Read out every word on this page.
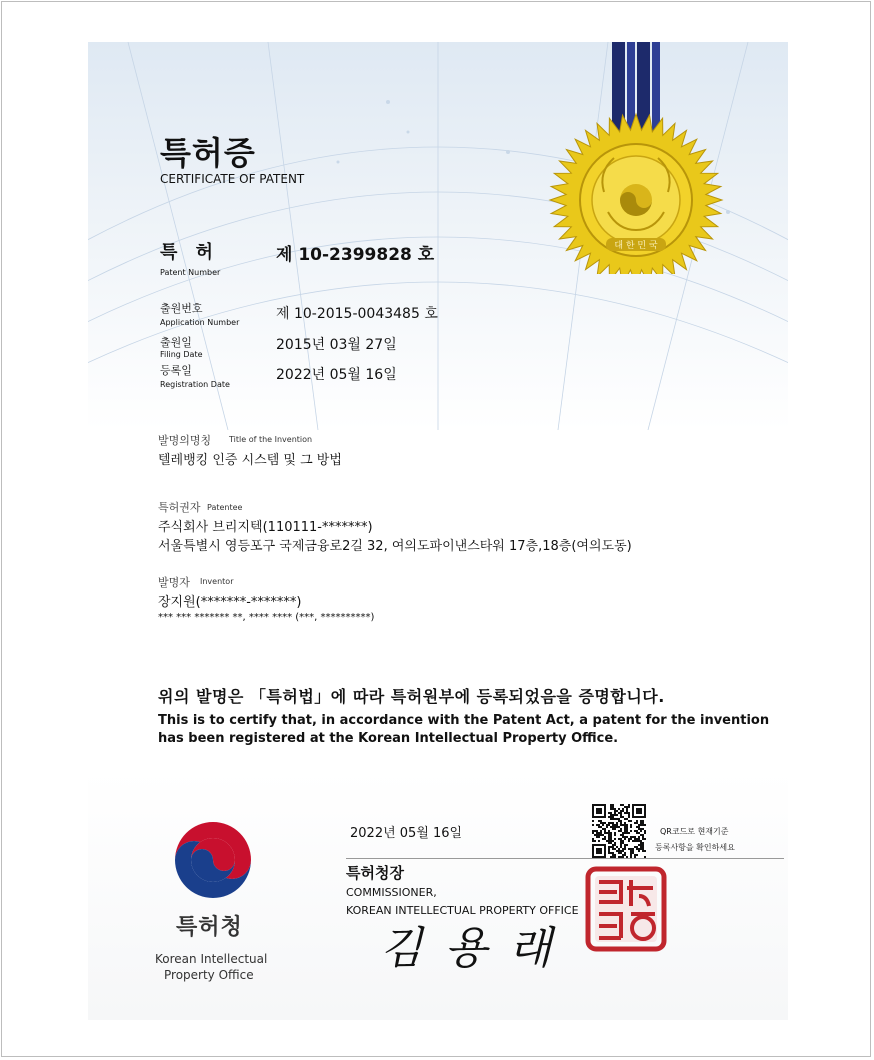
특허증
CERTIFICATE OF PATENT
특 허
Patent Number
제 10-2399828 호
출원번호
Application Number
제 10-2015-0043485 호
출원일
Filing Date
2015년 03월 27일
등록일
Registration Date
2022년 05월 16일
발명의명칭 Title of the Invention
텔레뱅킹 인증 시스템 및 그 방법
특허권자 Patentee
주식회사 브리지텍(110111-*******)
서울특별시 영등포구 국제금융로2길 32, 여의도파이낸스타워 17층,18층(여의도동)
발명자 Inventor
장지원(*******-*******)
*** *** ******* **, **** **** (***, **********)
위의 발명은 「특허법」에 따라 특허원부에 등록되었음을 증명합니다.
This is to certify that, in accordance with the Patent Act, a patent for the invention
has been registered at the Korean Intellectual Property Office.
대 한 민 국
특허청
Korean Intellectual
Property Office
2022년 05월 16일	QR코드로 현재기준
등록사항을 확인하세요
특허청장
COMMISSIONER,
KOREAN INTELLECTUAL PROPERTY OFFICE
김 용 래
